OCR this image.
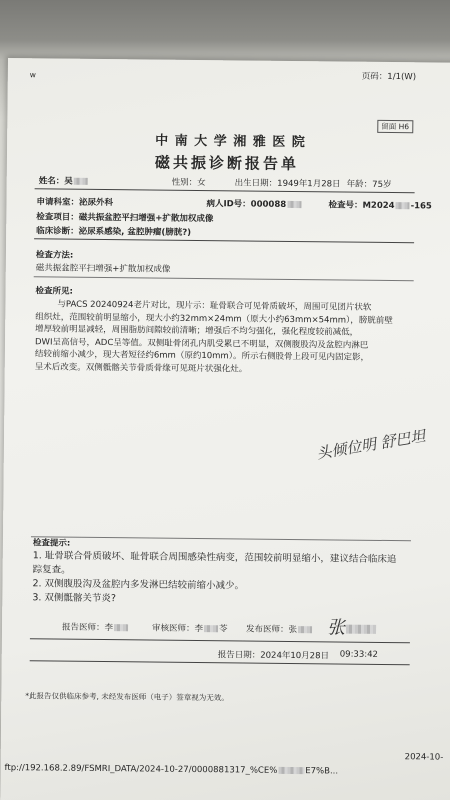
w	页码：1/1(W)
留面 H6
中 南 大 学 湘 雅 医 院
磁共振诊断报告单
姓名：吴	性别：女	出生日期：1949年1月28日 年龄：75岁
申请科室：泌尿外科	病人ID号：000088	检查号：M2024 -165
检查项目：磁共振盆腔平扫增强+扩散加权成像
临床诊断：泌尿系感染, 盆腔肿瘤(膀胱?)
检查方法:
磁共振盆腔平扫增强+扩散加权成像
检查所见:
与PACS 20240924老片对比，现片示：耻骨联合可见骨质破坏，周围可见团片状软
组织灶，范围较前明显缩小，现大小约32mm×24mm（原大小约63mm×54mm），膀胱前壁
增厚较前明显减轻，周围脂肪间隙较前清晰；增强后不均匀强化，强化程度较前减低，
DWI呈高信号，ADC呈等值。双侧耻骨闭孔内肌受累已不明显，双侧腹股沟及盆腔内淋巴
结较前缩小减少，现大者短径约6mm（原约10mm）。所示右侧股骨上段可见内固定影，
呈术后改变。双侧骶髂关节骨质骨缘可见斑片状强化灶。
头倾位明 舒巴坦
检查提示:
1. 耻骨联合骨质破坏、耻骨联合周围感染性病变，范围较前明显缩小，建议结合临床追
踪复查。
2. 双侧腹股沟及盆腔内多发淋巴结较前缩小减少。
3. 双侧骶髂关节炎?
报告医师：李	审核医师：李 苓 发布医师：张	张
报告日期：2024年10月28日 09:33:42
*此报告仅供临床参考, 未经发布医师（电子）签章视为无效。
ftp://192.168.2.89/FSMRI_DATA/2024-10-27/0000881317_%CE%	E7%B...
2024-10-
